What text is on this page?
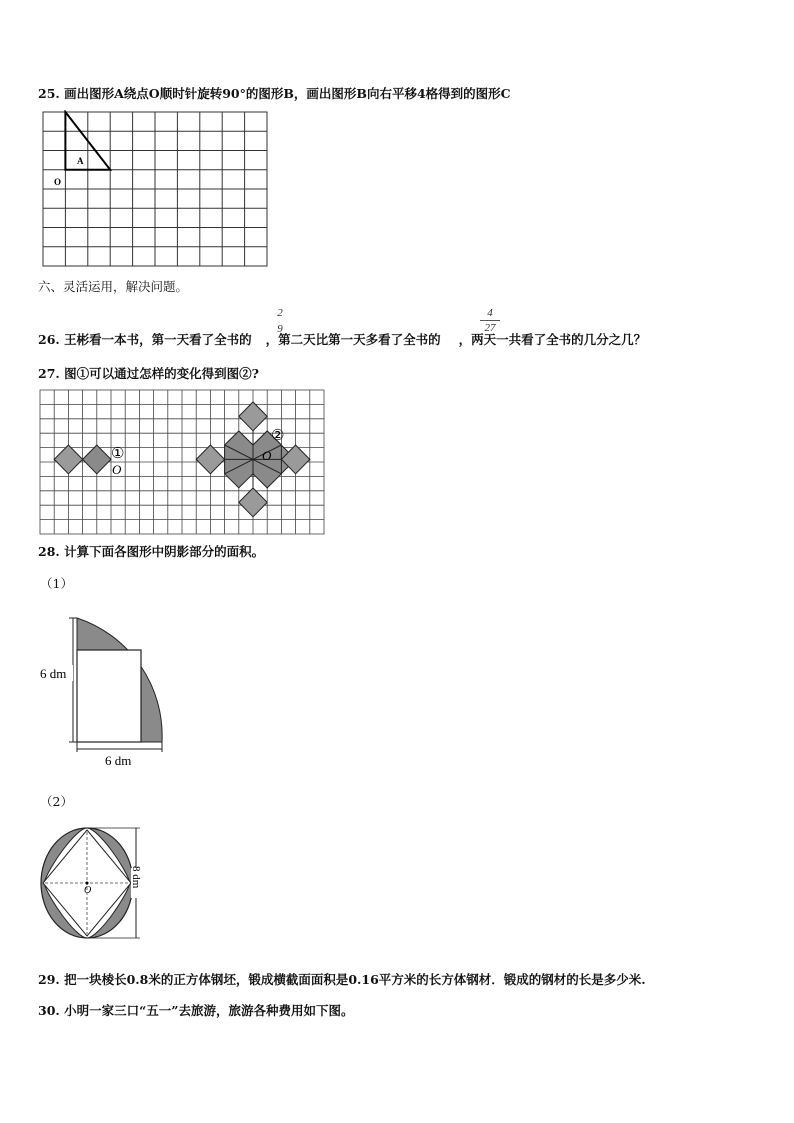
25. 画出图形A绕点O顺时针旋转90°的图形B，画出图形B向右平移4格得到的图形C
A
O
六、灵活运用，解决问题。
26. 王彬看一本书，第一天看了全书的 ，第二天比第一天多看了全书的 ，两天一共看了全书的几分之几？
2
9
4
27
27. 图①可以通过怎样的变化得到图②?
①
O
②
O
28. 计算下面各图形中阴影部分的面积。
（1）
6 dm
6 dm
（2）
O
8 dm
29. 把一块棱长0.8米的正方体钢坯，锻成横截面面积是0.16平方米的长方体钢材．锻成的钢材的长是多少米.
30. 小明一家三口“五一”去旅游，旅游各种费用如下图。
